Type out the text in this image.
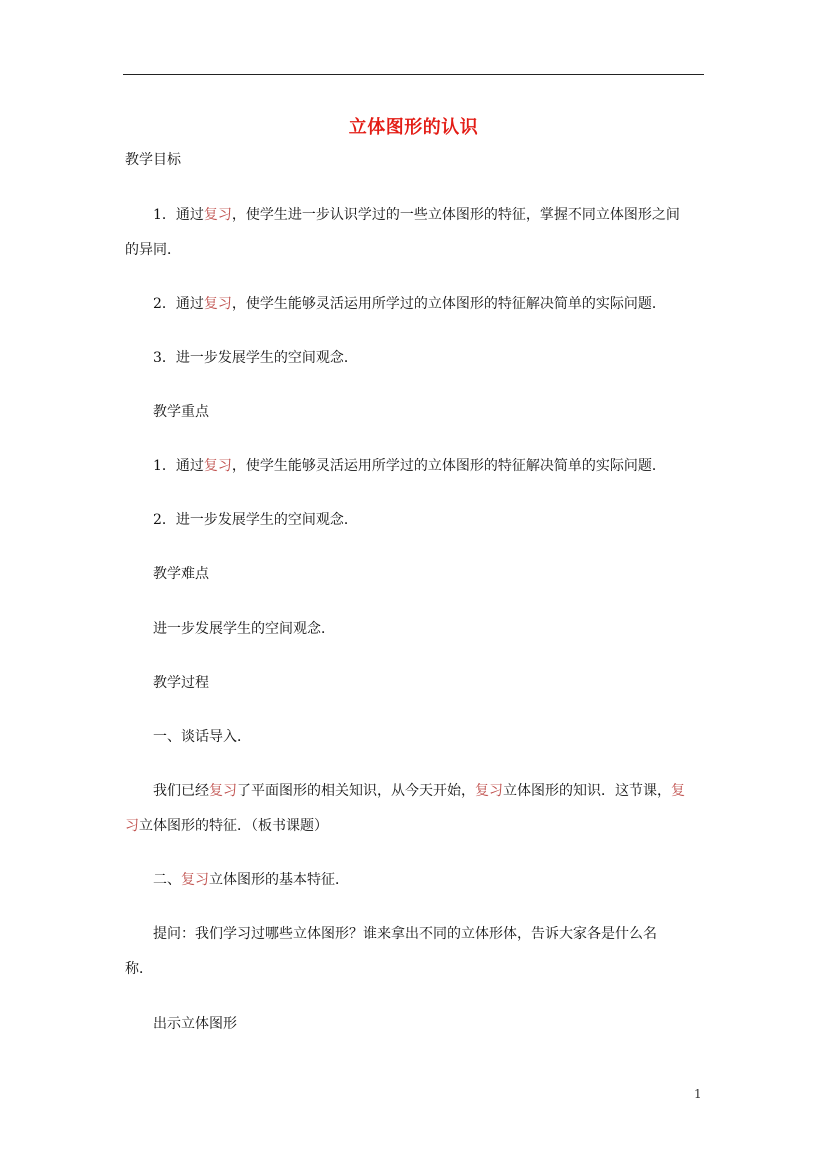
立体图形的认识
教学目标
1．通过复习，使学生进一步认识学过的一些立体图形的特征，掌握不同立体图形之间
的异同．
2．通过复习，使学生能够灵活运用所学过的立体图形的特征解决简单的实际问题．
3．进一步发展学生的空间观念．
教学重点
1．通过复习，使学生能够灵活运用所学过的立体图形的特征解决简单的实际问题．
2．进一步发展学生的空间观念．
教学难点
进一步发展学生的空间观念．
教学过程
一、谈话导入．
我们已经复习了平面图形的相关知识，从今天开始，复习立体图形的知识．这节课，复
习立体图形的特征．（板书课题）
二、复习立体图形的基本特征．
提问：我们学习过哪些立体图形？谁来拿出不同的立体形体，告诉大家各是什么名
称．
出示立体图形
1
